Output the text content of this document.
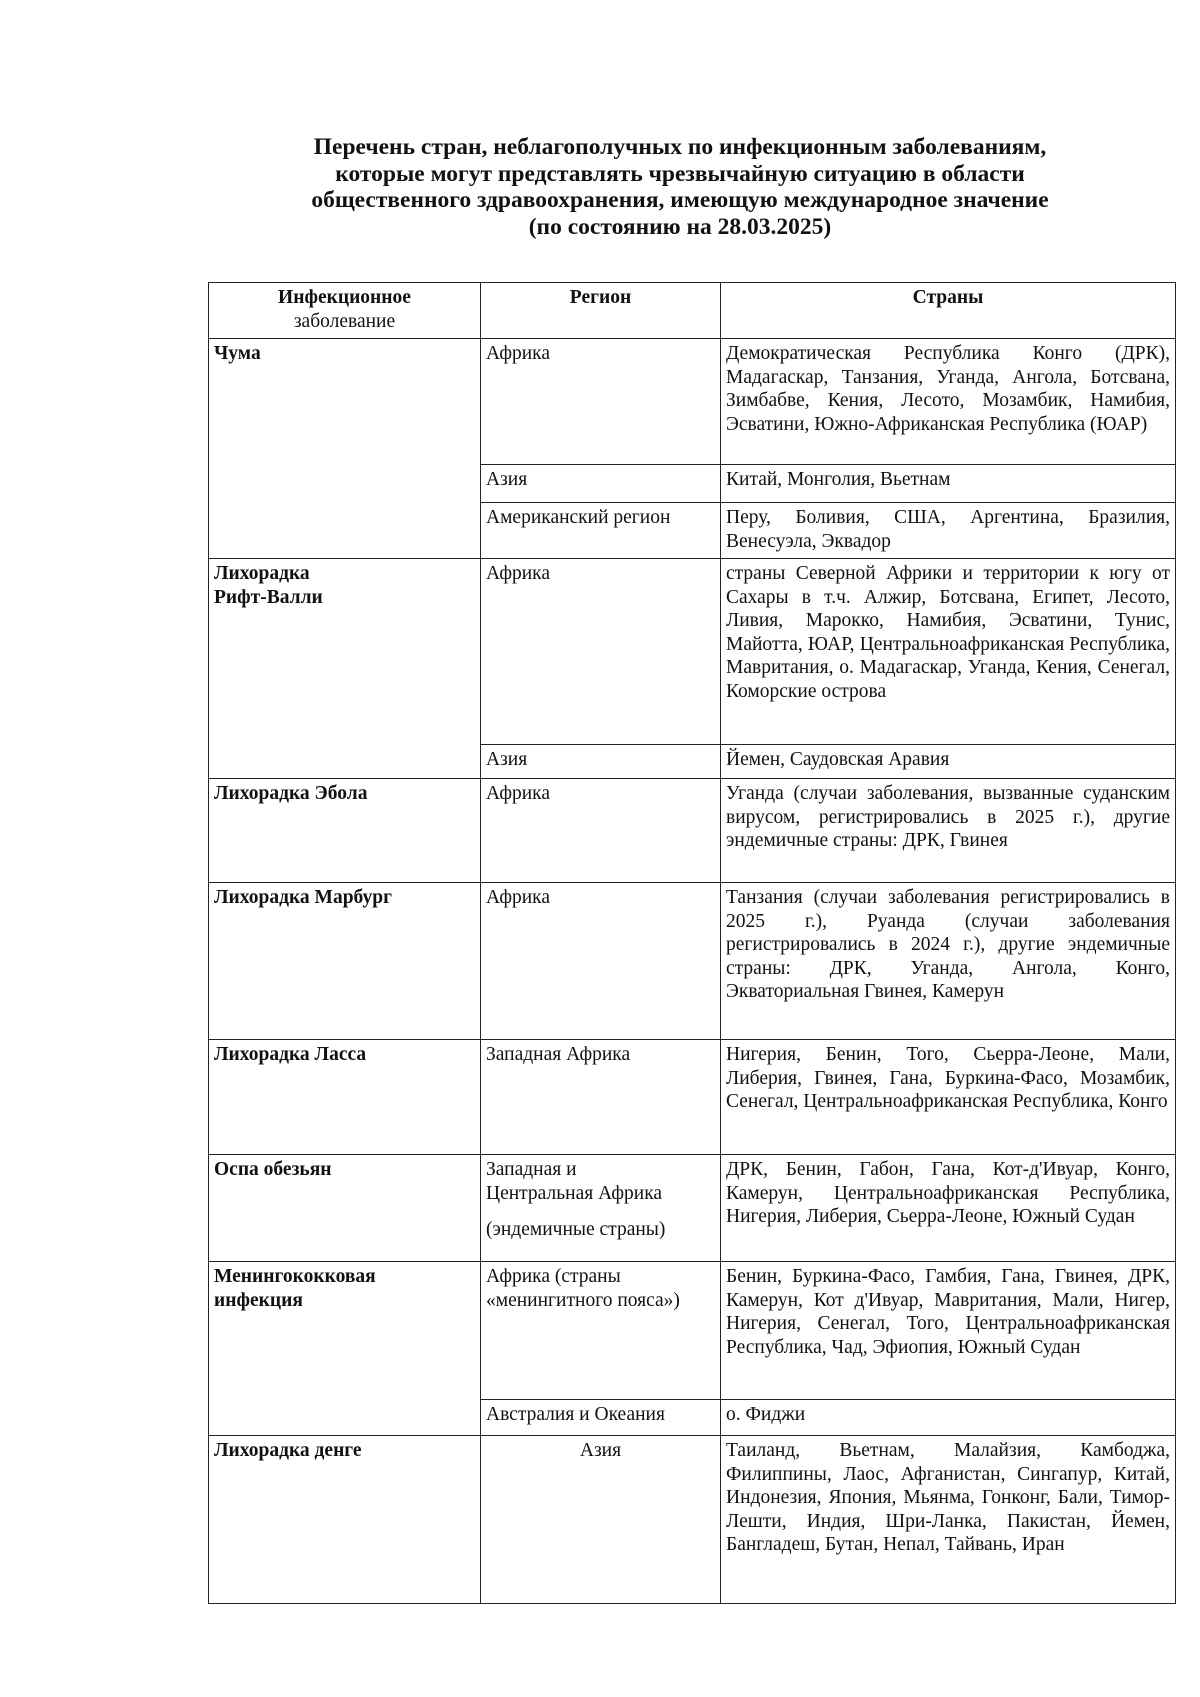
Перечень стран, неблагополучных по инфекционным заболеваниям,
которые могут представлять чрезвычайную ситуацию в области
общественного здравоохранения, имеющую международное значение
(по состоянию на 28.03.2025)
Инфекционное
заболевание	Регион	Страны
Чума	Африка	Демократическая Республика Конго (ДРК), Мадагаскар, Танзания, Уганда, Ангола, Ботсвана, Зимбабве, Кения, Лесото, Мозамбик, Намибия, Эсватини, Южно-Африканская Республика (ЮАР)
	Азия	Китай, Монголия, Вьетнам
	Американский регион	Перу, Боливия, США, Аргентина, Бразилия, Венесуэла, Эквадор
Лихорадка
Рифт-Валли	Африка	страны Северной Африки и территории к югу от Сахары в т.ч. Алжир, Ботсвана, Египет, Лесото, Ливия, Марокко, Намибия, Эсватини, Тунис, Майотта, ЮАР, Центральноафриканская Республика, Мавритания, о. Мадагаскар, Уганда, Кения, Сенегал, Коморские острова
	Азия	Йемен, Саудовская Аравия
Лихорадка Эбола	Африка	Уганда (случаи заболевания, вызванные суданским вирусом, регистрировались в 2025 г.), другие эндемичные страны: ДРК, Гвинея
Лихорадка Марбург	Африка	Танзания (случаи заболевания регистрировались в 2025 г.), Руанда (случаи заболевания регистрировались в 2024 г.), другие эндемичные страны: ДРК, Уганда, Ангола, Конго, Экваториальная Гвинея, Камерун
Лихорадка Ласса	Западная Африка	Нигерия, Бенин, Того, Сьерра-Леоне, Мали, Либерия, Гвинея, Гана, Буркина-Фасо, Мозамбик, Сенегал, Центральноафриканская Республика, Конго
Оспа обезьян	Западная и
Центральная Африка
(эндемичные страны)	ДРК, Бенин, Габон, Гана, Кот-д'Ивуар, Конго, Камерун, Центральноафриканская Республика, Нигерия, Либерия, Сьерра-Леоне, Южный Судан
Менингококковая
инфекция	Африка (страны
«менингитного пояса»)	Бенин, Буркина-Фасо, Гамбия, Гана, Гвинея, ДРК, Камерун, Кот д'Ивуар, Мавритания, Мали, Нигер, Нигерия, Сенегал, Того, Центральноафриканская Республика, Чад, Эфиопия, Южный Судан
	Австралия и Океания	о. Фиджи
Лихорадка денге	Азия	Таиланд, Вьетнам, Малайзия, Камбоджа, Филиппины, Лаос, Афганистан, Сингапур, Китай, Индонезия, Япония, Мьянма, Гонконг, Бали, Тимор-Лешти, Индия, Шри-Ланка, Пакистан, Йемен, Бангладеш, Бутан, Непал, Тайвань, Иран
